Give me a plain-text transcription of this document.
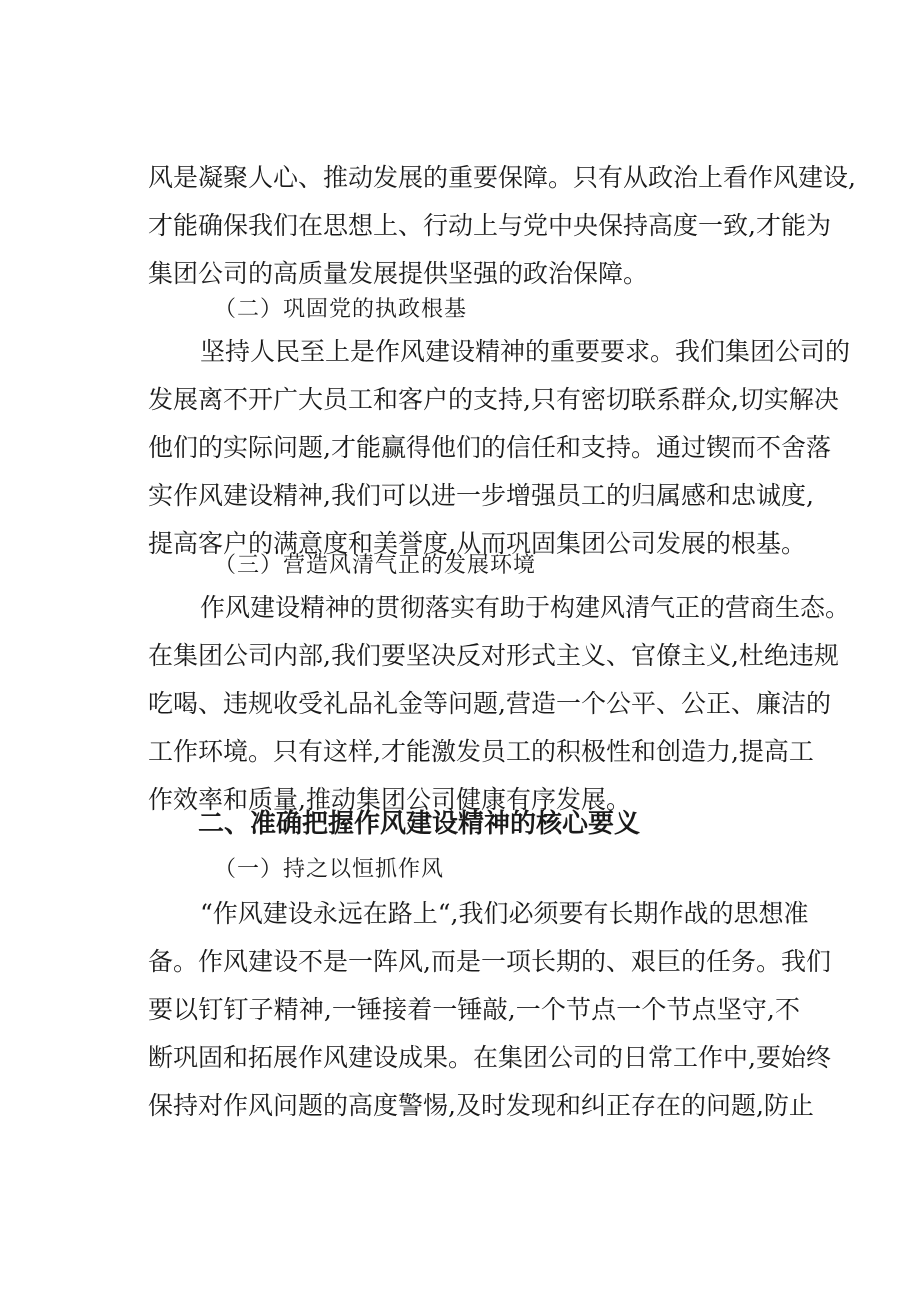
风是凝聚人心、推动发展的重要保障。只有从政治上看作风建设,
才能确保我们在思想上、行动上与党中央保持高度一致,才能为
集团公司的高质量发展提供坚强的政治保障。
（二）巩固党的执政根基
坚持人民至上是作风建设精神的重要要求。我们集团公司的
发展离不开广大员工和客户的支持,只有密切联系群众,切实解决
他们的实际问题,才能赢得他们的信任和支持。通过锲而不舍落
实作风建设精神,我们可以进一步增强员工的归属感和忠诚度,
提高客户的满意度和美誉度,从而巩固集团公司发展的根基。
（三）营造风清气正的发展环境
作风建设精神的贯彻落实有助于构建风清气正的营商生态。
在集团公司内部,我们要坚决反对形式主义、官僚主义,杜绝违规
吃喝、违规收受礼品礼金等问题,营造一个公平、公正、廉洁的
工作环境。只有这样,才能激发员工的积极性和创造力,提高工
作效率和质量,推动集团公司健康有序发展。
二、准确把握作风建设精神的核心要义
（一）持之以恒抓作风
“作风建设永远在路上“,我们必须要有长期作战的思想准
备。作风建设不是一阵风,而是一项长期的、艰巨的任务。我们
要以钉钉子精神,一锤接着一锤敲,一个节点一个节点坚守,不
断巩固和拓展作风建设成果。在集团公司的日常工作中,要始终
保持对作风问题的高度警惕,及时发现和纠正存在的问题,防止
